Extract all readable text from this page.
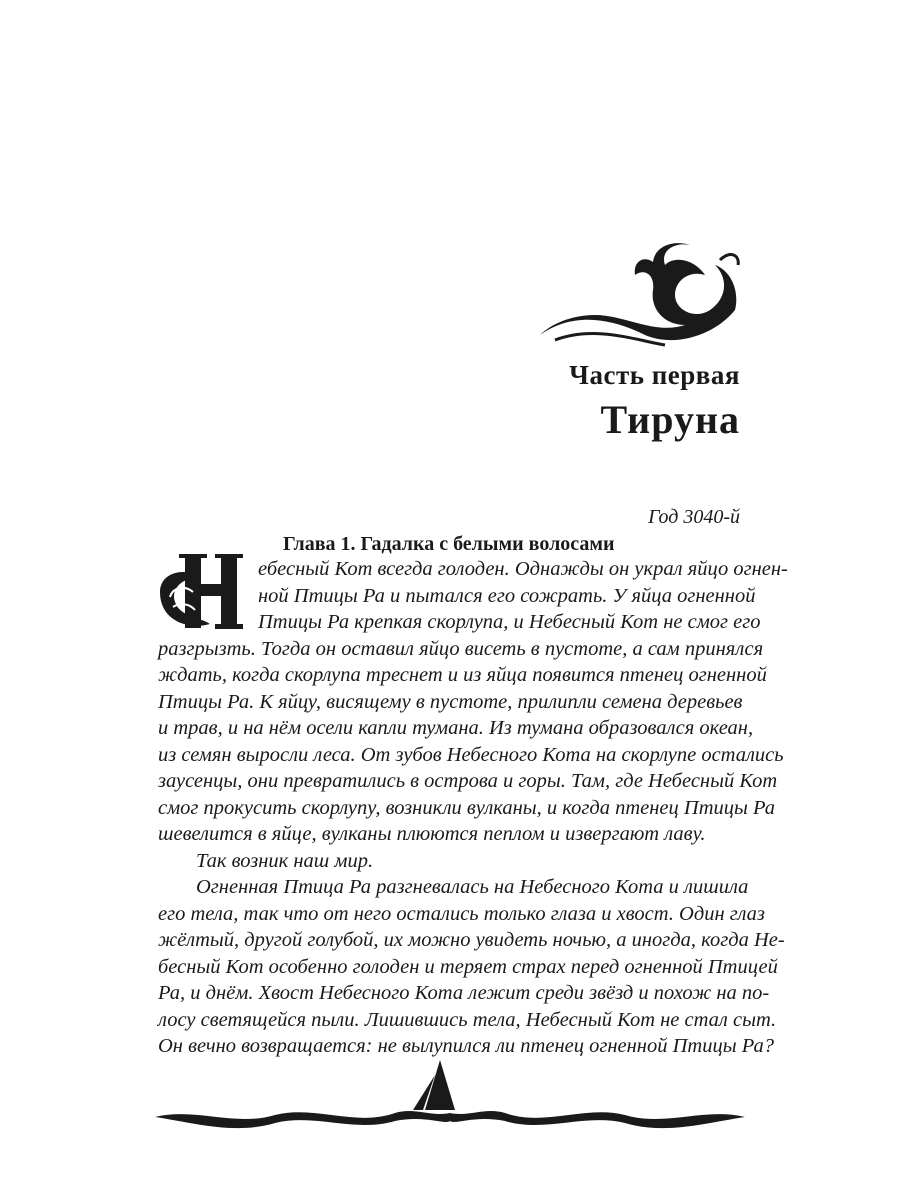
Часть первая
Тируна
Год 3040-й
Глава 1. Гадалка с белыми волосами
ебесный Кот всегда голоден. Однажды он украл яйцо огнен-
ной Птицы Ра и пытался его сожрать. У яйца огненной
Птицы Ра крепкая скорлупа, и Небесный Кот не смог его
разгрызть. Тогда он оставил яйцо висеть в пустоте, а сам принялся
ждать, когда скорлупа треснет и из яйца появится птенец огненной
Птицы Ра. К яйцу, висящему в пустоте, прилипли семена деревьев
и трав, и на нём осели капли тумана. Из тумана образовался океан,
из семян выросли леса. От зубов Небесного Кота на скорлупе остались
заусенцы, они превратились в острова и горы. Там, где Небесный Кот
смог прокусить скорлупу, возникли вулканы, и когда птенец Птицы Ра
шевелится в яйце, вулканы плюются пеплом и извергают лаву.
Так возник наш мир.
Огненная Птица Ра разгневалась на Небесного Кота и лишила
его тела, так что от него остались только глаза и хвост. Один глаз
жёлтый, другой голубой, их можно увидеть ночью, а иногда, когда Не-
бесный Кот особенно голоден и теряет страх перед огненной Птицей
Ра, и днём. Хвост Небесного Кота лежит среди звёзд и похож на по-
лосу светящейся пыли. Лишившись тела, Небесный Кот не стал сыт.
Он вечно возвращается: не вылупился ли птенец огненной Птицы Ра?
